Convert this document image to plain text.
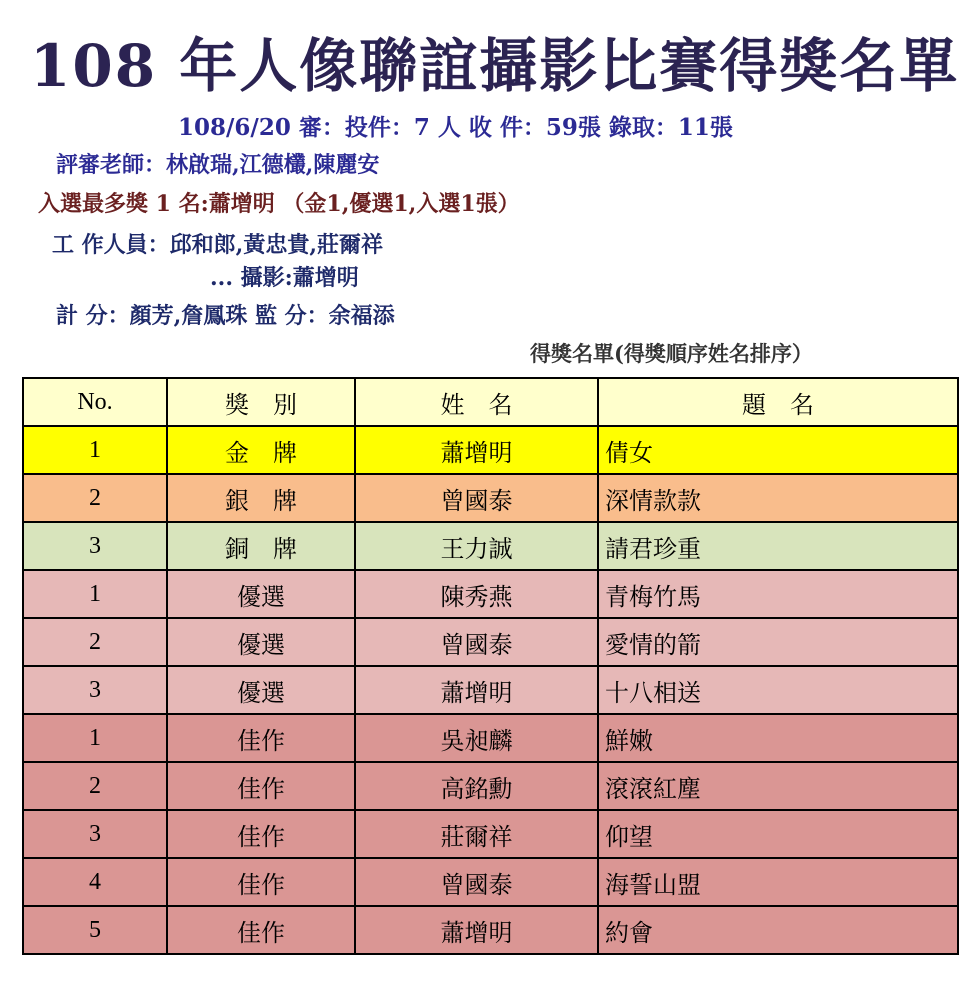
108 年人像聯誼攝影比賽得獎名單
108/6/20 審：投件：7 人 收 件：59張 錄取：11張
評審老師：林啟瑞,江德欉,陳麗安
入選最多獎 1 名:蕭增明 （金1,優選1,入選1張）
工 作人員：邱和郎,黃忠貴,莊爾祥
... 攝影:蕭增明
計 分：顏芳,詹鳳珠 監 分：余福添
得獎名單(得獎順序姓名排序）
No.	獎    別	姓    名	題    名
1	金    牌	蕭增明	倩女
2	銀    牌	曾國泰	深情款款
3	銅    牌	王力誠	請君珍重
1	優選	陳秀燕	青梅竹馬
2	優選	曾國泰	愛情的箭
3	優選	蕭增明	十八相送
1	佳作	吳昶麟	鮮嫩
2	佳作	高銘勳	滾滾紅塵
3	佳作	莊爾祥	仰望
4	佳作	曾國泰	海誓山盟
5	佳作	蕭增明	約會
